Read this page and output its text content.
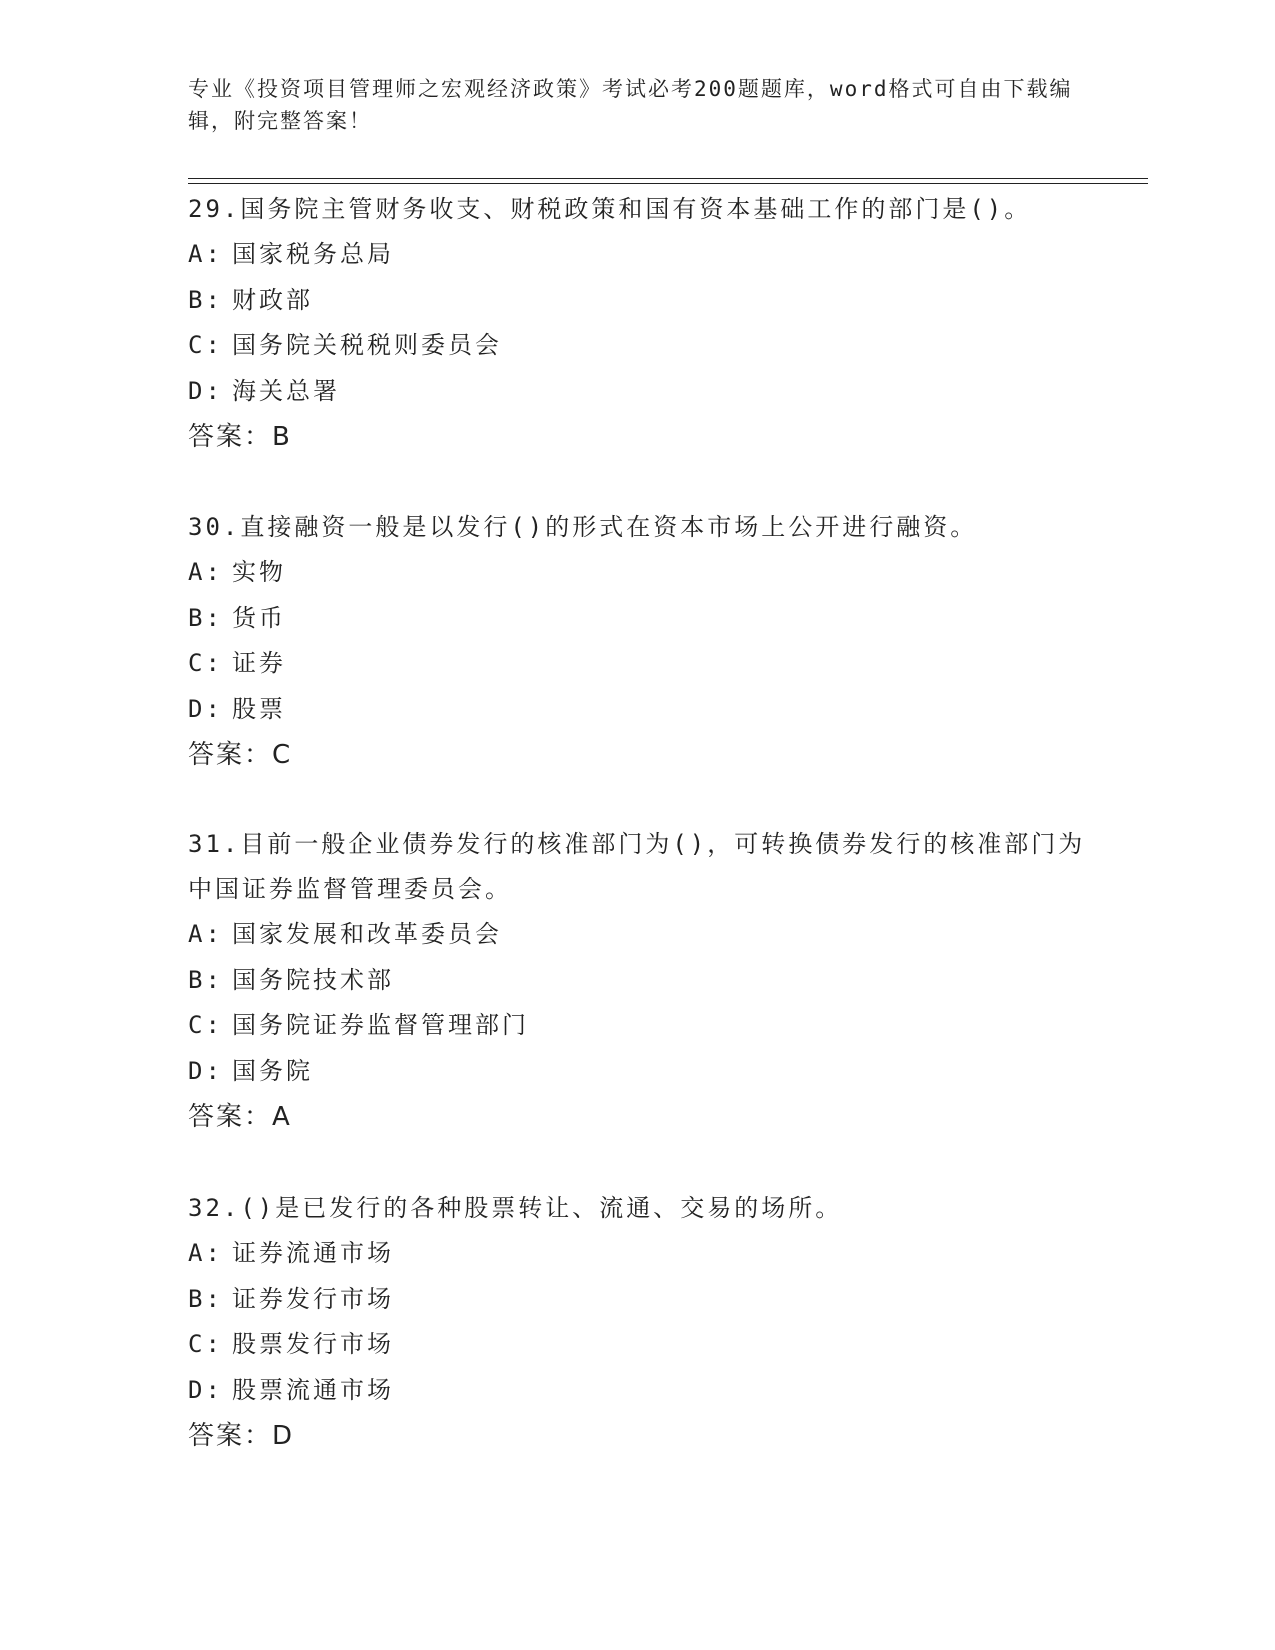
专业《投资项目管理师之宏观经济政策》考试必考200题题库，word格式可自由下载编辑，附完整答案！
29.国务院主管财务收支、财税政策和国有资本基础工作的部门是()。
A: 国家税务总局
B: 财政部
C: 国务院关税税则委员会
D: 海关总署
答案：B
30.直接融资一般是以发行()的形式在资本市场上公开进行融资。
A: 实物
B: 货币
C: 证券
D: 股票
答案：C
31.目前一般企业债券发行的核准部门为()，可转换债券发行的核准部门为中国证券监督管理委员会。
A: 国家发展和改革委员会
B: 国务院技术部
C: 国务院证券监督管理部门
D: 国务院
答案：A
32.()是已发行的各种股票转让、流通、交易的场所。
A: 证券流通市场
B: 证券发行市场
C: 股票发行市场
D: 股票流通市场
答案：D
